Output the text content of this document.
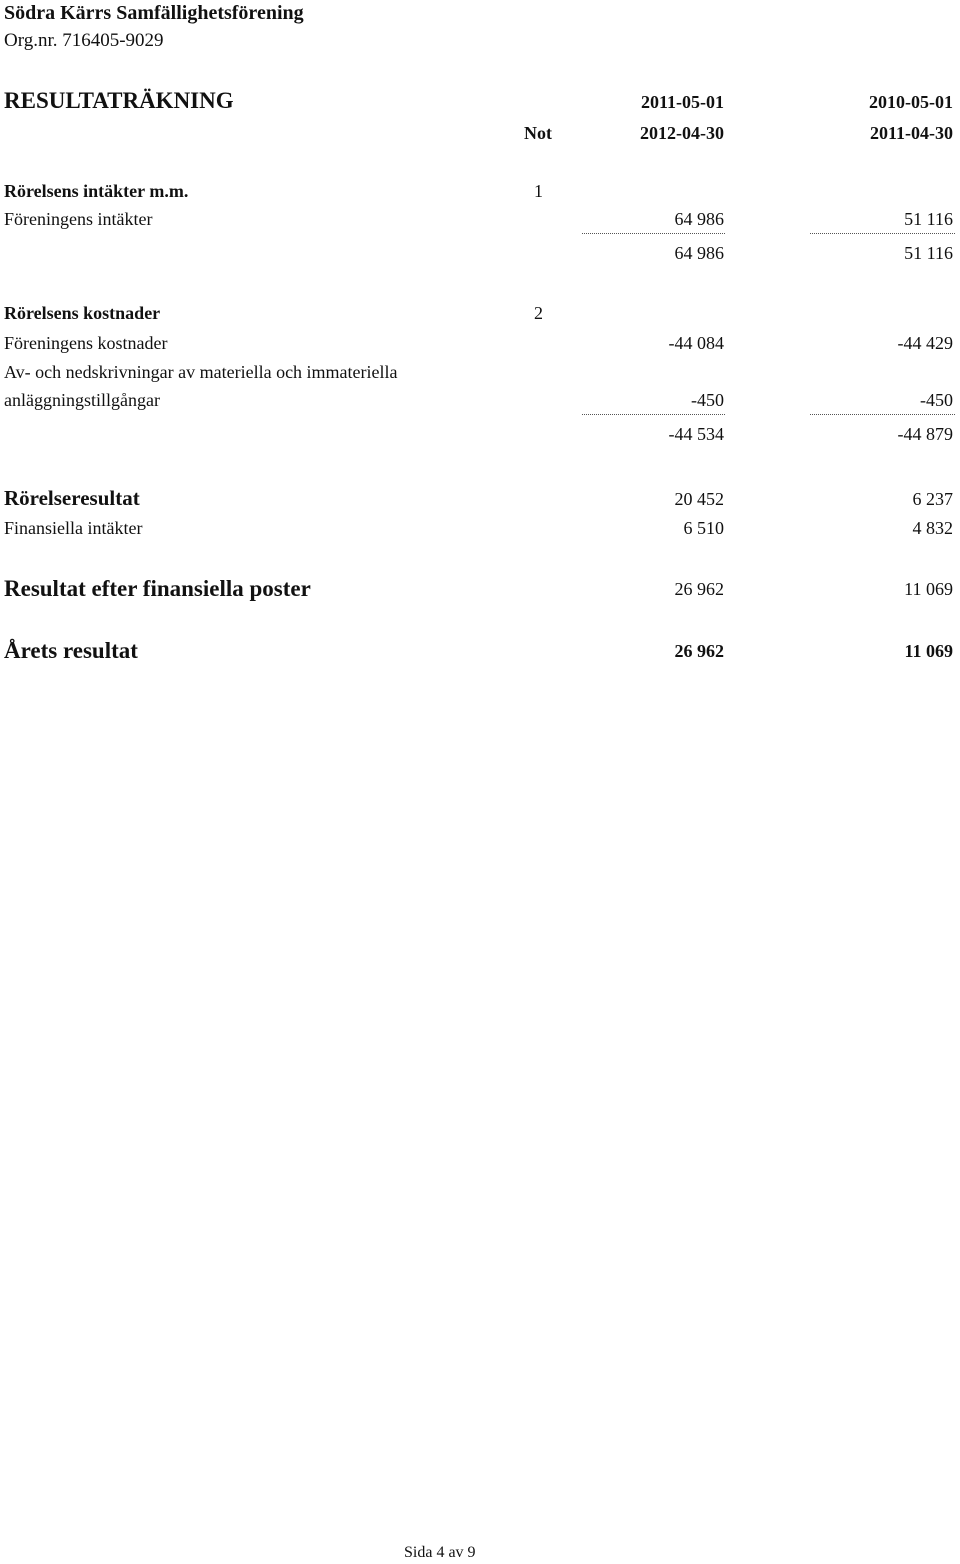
Södra Kärrs Samfällighetsförening
Org.nr. 716405-9029
RESULTATRÄKNING	2011-05-01	2010-05-01
Not	2012-04-30	2011-04-30
Rörelsens intäkter m.m.	1
Föreningens intäkter	64 986	51 116
64 986	51 116
Rörelsens kostnader	2
Föreningens kostnader	-44 084	-44 429
Av- och nedskrivningar av materiella och immateriella
anläggningstillgångar	-450	-450
-44 534	-44 879
Rörelseresultat	20 452	6 237
Finansiella intäkter	6 510	4 832
Resultat efter finansiella poster	26 962	11 069
Årets resultat	26 962	11 069
Sida 4 av 9
